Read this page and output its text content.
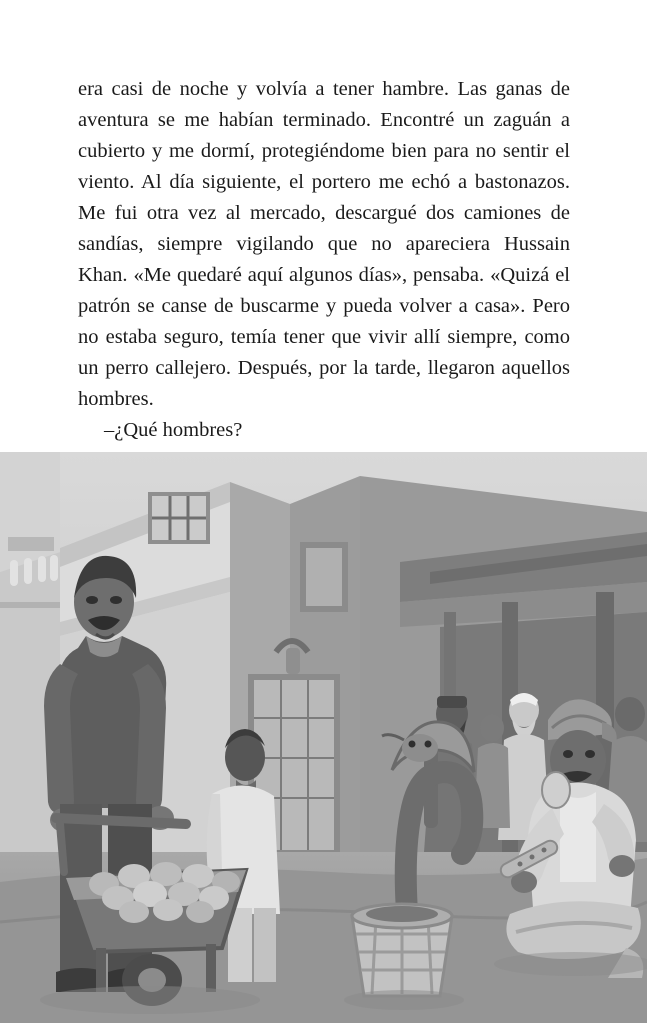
era casi de noche y volvía a tener hambre. Las ganas de aventura se me habían terminado. Encontré un zaguán a cubierto y me dormí, protegiéndome bien para no sentir el viento. Al día siguiente, el portero me echó a bastonazos. Me fui otra vez al mercado, descargué dos camiones de sandías, siempre vigilando que no apareciera Hussain Khan. «Me quedaré aquí algunos días», pensaba. «Quizá el patrón se canse de buscarme y pueda volver a casa». Pero no estaba seguro, temía tener que vivir allí siempre, como un perro callejero. Después, por la tarde, llegaron aquellos hombres.

–¿Qué hombres?
